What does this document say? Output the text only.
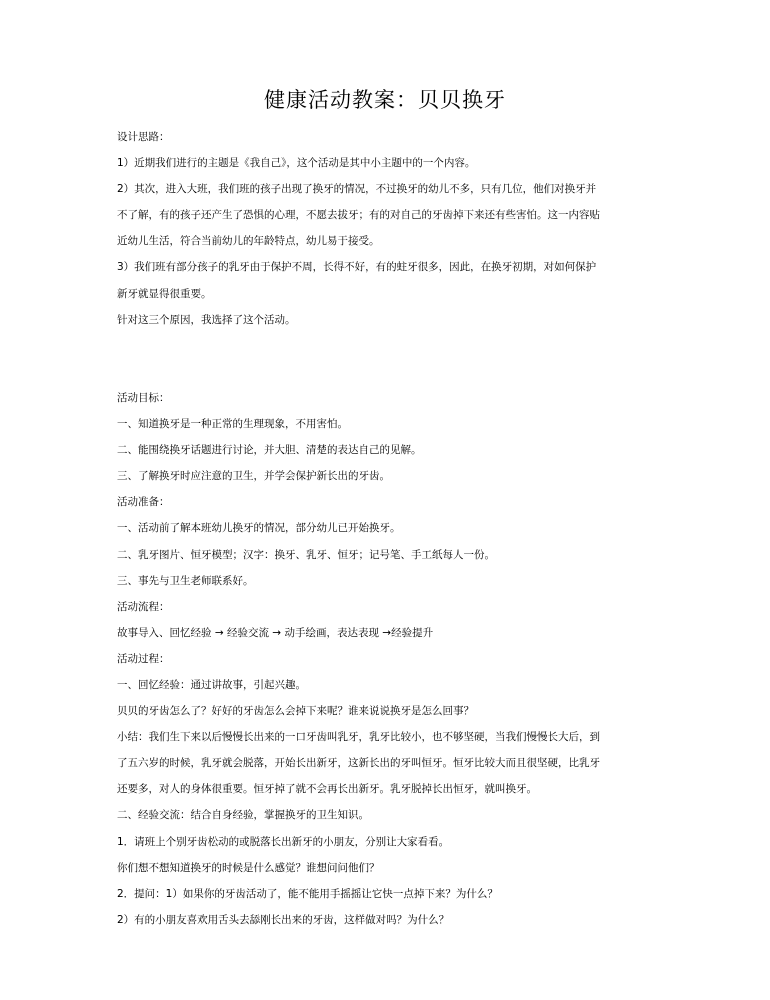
健康活动教案：贝贝换牙
设计思路：
1）近期我们进行的主题是《我自己》，这个活动是其中小主题中的一个内容。
2）其次，进入大班，我们班的孩子出现了换牙的情况，不过换牙的幼儿不多，只有几位，他们对换牙并
不了解，有的孩子还产生了恐惧的心理，不愿去拔牙；有的对自己的牙齿掉下来还有些害怕。这一内容贴
近幼儿生活，符合当前幼儿的年龄特点，幼儿易于接受。
3）我们班有部分孩子的乳牙由于保护不周，长得不好，有的蛀牙很多，因此，在换牙初期，对如何保护
新牙就显得很重要。
针对这三个原因，我选择了这个活动。
活动目标：
一、知道换牙是一种正常的生理现象，不用害怕。
二、能围绕换牙话题进行讨论，并大胆、清楚的表达自己的见解。
三、了解换牙时应注意的卫生，并学会保护新长出的牙齿。
活动准备：
一、活动前了解本班幼儿换牙的情况，部分幼儿已开始换牙。
二、乳牙图片、恒牙模型；汉字：换牙、乳牙、恒牙；记号笔、手工纸每人一份。
三、事先与卫生老师联系好。
活动流程：
故事导入、回忆经验 → 经验交流 → 动手绘画，表达表现 →经验提升
活动过程：
一、回忆经验：通过讲故事，引起兴趣。
贝贝的牙齿怎么了？好好的牙齿怎么会掉下来呢？谁来说说换牙是怎么回事？
小结：我们生下来以后慢慢长出来的一口牙齿叫乳牙，乳牙比较小，也不够坚硬，当我们慢慢长大后，到
了五六岁的时候，乳牙就会脱落，开始长出新牙，这新长出的牙叫恒牙。恒牙比较大而且很坚硬，比乳牙
还要多，对人的身体很重要。恒牙掉了就不会再长出新牙。乳牙脱掉长出恒牙，就叫换牙。
二、经验交流：结合自身经验，掌握换牙的卫生知识。
1．请班上个别牙齿松动的或脱落长出新牙的小朋友，分别让大家看看。
你们想不想知道换牙的时候是什么感觉？谁想问问他们？
2．提问：1）如果你的牙齿活动了，能不能用手摇摇让它快一点掉下来？为什么？
2）有的小朋友喜欢用舌头去舔刚长出来的牙齿，这样做对吗？为什么？
